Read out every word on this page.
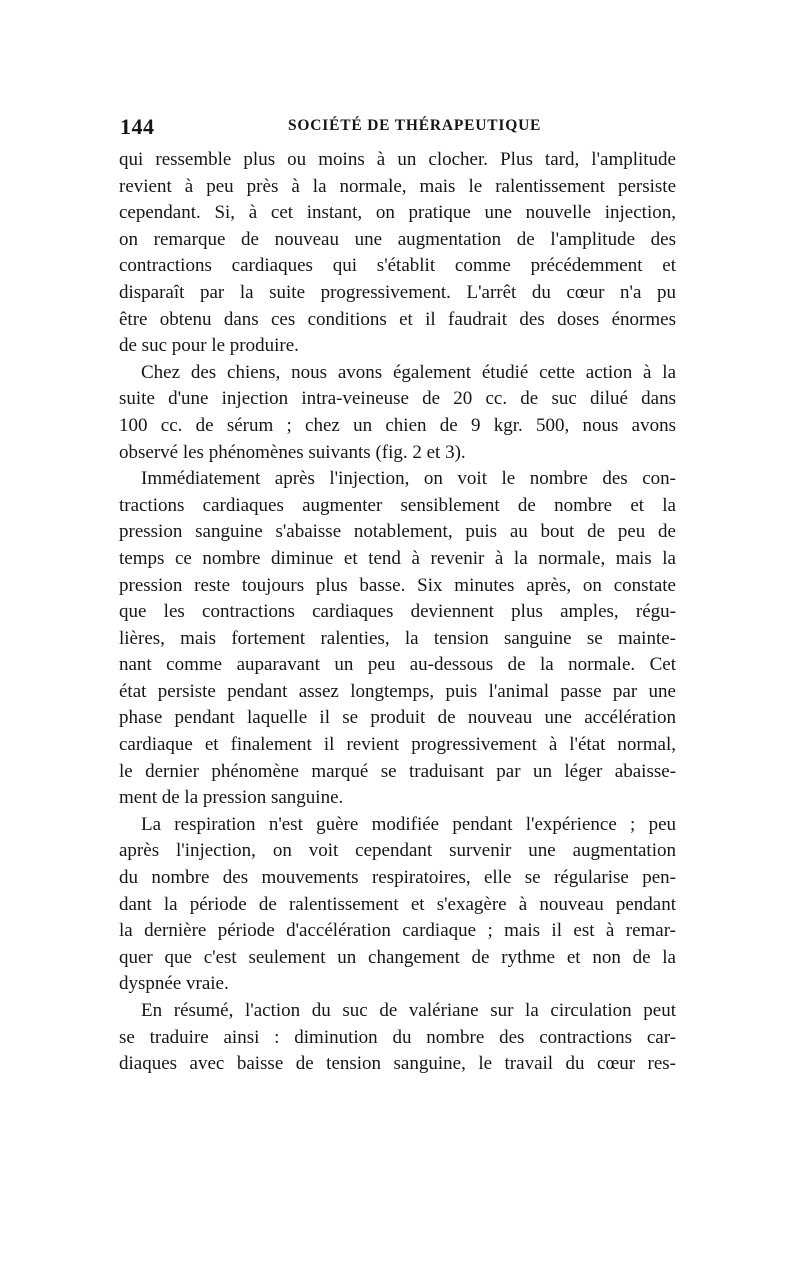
144	SOCIÉTÉ DE THÉRAPEUTIQUE
qui ressemble plus ou moins à un clocher. Plus tard, l'amplitude
revient à peu près à la normale, mais le ralentissement persiste
cependant. Si, à cet instant, on pratique une nouvelle injection,
on remarque de nouveau une augmentation de l'amplitude des
contractions cardiaques qui s'établit comme précédemment et
disparaît par la suite progressivement. L'arrêt du cœur n'a pu
être obtenu dans ces conditions et il faudrait des doses énormes
de suc pour le produire.
Chez des chiens, nous avons également étudié cette action à la
suite d'une injection intra-veineuse de 20 cc. de suc dilué dans
100 cc. de sérum ; chez un chien de 9 kgr. 500, nous avons
observé les phénomènes suivants (fig. 2 et 3).
Immédiatement après l'injection, on voit le nombre des con-
tractions cardiaques augmenter sensiblement de nombre et la
pression sanguine s'abaisse notablement, puis au bout de peu de
temps ce nombre diminue et tend à revenir à la normale, mais la
pression reste toujours plus basse. Six minutes après, on constate
que les contractions cardiaques deviennent plus amples, régu-
lières, mais fortement ralenties, la tension sanguine se mainte-
nant comme auparavant un peu au-dessous de la normale. Cet
état persiste pendant assez longtemps, puis l'animal passe par une
phase pendant laquelle il se produit de nouveau une accélération
cardiaque et finalement il revient progressivement à l'état normal,
le dernier phénomène marqué se traduisant par un léger abaisse-
ment de la pression sanguine.
La respiration n'est guère modifiée pendant l'expérience ; peu
après l'injection, on voit cependant survenir une augmentation
du nombre des mouvements respiratoires, elle se régularise pen-
dant la période de ralentissement et s'exagère à nouveau pendant
la dernière période d'accélération cardiaque ; mais il est à remar-
quer que c'est seulement un changement de rythme et non de la
dyspnée vraie.
En résumé, l'action du suc de valériane sur la circulation peut
se traduire ainsi : diminution du nombre des contractions car-
diaques avec baisse de tension sanguine, le travail du cœur res-
